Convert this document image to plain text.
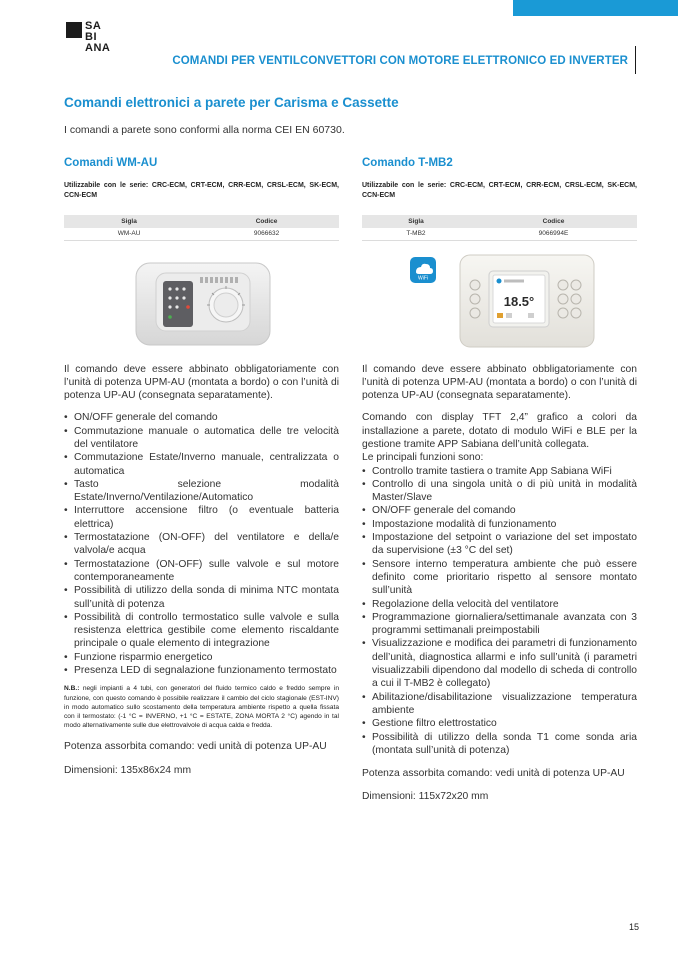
SA
BI
ANA
COMANDI PER VENTILCONVETTORI CON MOTORE ELETTRONICO ED INVERTER
Comandi elettronici a parete per Carisma e Cassette
I comandi a parete sono conformi alla norma CEI EN 60730.
Comandi WM-AU
Utilizzabile con le serie: CRC-ECM, CRT-ECM, CRR-ECM, CRSL-ECM, SK-ECM, CCN-ECM
Sigla	Codice
WM-AU	9066632
Il comando deve essere abbinato obbligatoriamente con l’unità di potenza UPM-AU (montata a bordo) o con l’unità di potenza UP-AU (consegnata separatamente).
• ON/OFF generale del comando
• Commutazione manuale o automatica delle tre velocità del ventilatore
• Commutazione Estate/Inverno manuale, centralizzata o automatica
• Tasto selezione modalità Estate/Inverno/Ventilazione/Automatico
• Interruttore accensione filtro (o eventuale batteria elettrica)
• Termostatazione (ON-OFF) del ventilatore e della/e valvola/e acqua
• Termostatazione (ON-OFF) sulle valvole e sul motore contemporaneamente
• Possibilità di utilizzo della sonda di minima NTC montata sull’unità di potenza
• Possibilità di controllo termostatico sulle valvole e sulla resistenza elettrica gestibile come elemento riscaldante principale o quale elemento di integrazione
• Funzione risparmio energetico
• Presenza LED di segnalazione funzionamento termostato
N.B.: negli impianti a 4 tubi, con generatori del fluido termico caldo e freddo sempre in funzione, con questo comando è possibile realizzare il cambio del ciclo stagionale (EST-INV) in modo automatico sullo scostamento della temperatura ambiente rispetto a quella fissata con il termostato: (-1 °C = INVERNO, +1 °C = ESTATE, ZONA MORTA 2 °C) agendo in tal modo alternativamente sulle due elettrovalvole di acqua calda e fredda.
Potenza assorbita comando: vedi unità di potenza UP-AU
Dimensioni: 135x86x24 mm
Comando T-MB2
Utilizzabile con le serie: CRC-ECM, CRT-ECM, CRR-ECM, CRSL-ECM, SK-ECM, CCN-ECM
Sigla	Codice
T-MB2	9066994E
WiFi
18.5°
Il comando deve essere abbinato obbligatoriamente con l’unità di potenza UPM-AU (montata a bordo) o con l’unità di potenza UP-AU (consegnata separatamente).
Comando con display TFT 2,4” grafico a colori da installazione a parete, dotato di modulo WiFi e BLE per la gestione tramite APP Sabiana dell’unità collegata.
Le principali funzioni sono:
• Controllo tramite tastiera o tramite App Sabiana WiFi
• Controllo di una singola unità o di più unità in modalità Master/Slave
• ON/OFF generale del comando
• Impostazione modalità di funzionamento
• Impostazione del setpoint o variazione del set impostato da supervisione (±3 °C del set)
• Sensore interno temperatura ambiente che può essere definito come prioritario rispetto al sensore montato sull’unità
• Regolazione della velocità del ventilatore
• Programmazione giornaliera/settimanale avanzata con 3 programmi settimanali preimpostabili
• Visualizzazione e modifica dei parametri di funzionamento dell’unità, diagnostica allarmi e info sull’unità (i parametri visualizzabili dipendono dal modello di scheda di controllo a cui il T-MB2 è collegato)
• Abilitazione/disabilitazione visualizzazione temperatura ambiente
• Gestione filtro elettrostatico
• Possibilità di utilizzo della sonda T1 come sonda aria (montata sull’unità di potenza)
Potenza assorbita comando: vedi unità di potenza UP-AU
Dimensioni: 115x72x20 mm
15
